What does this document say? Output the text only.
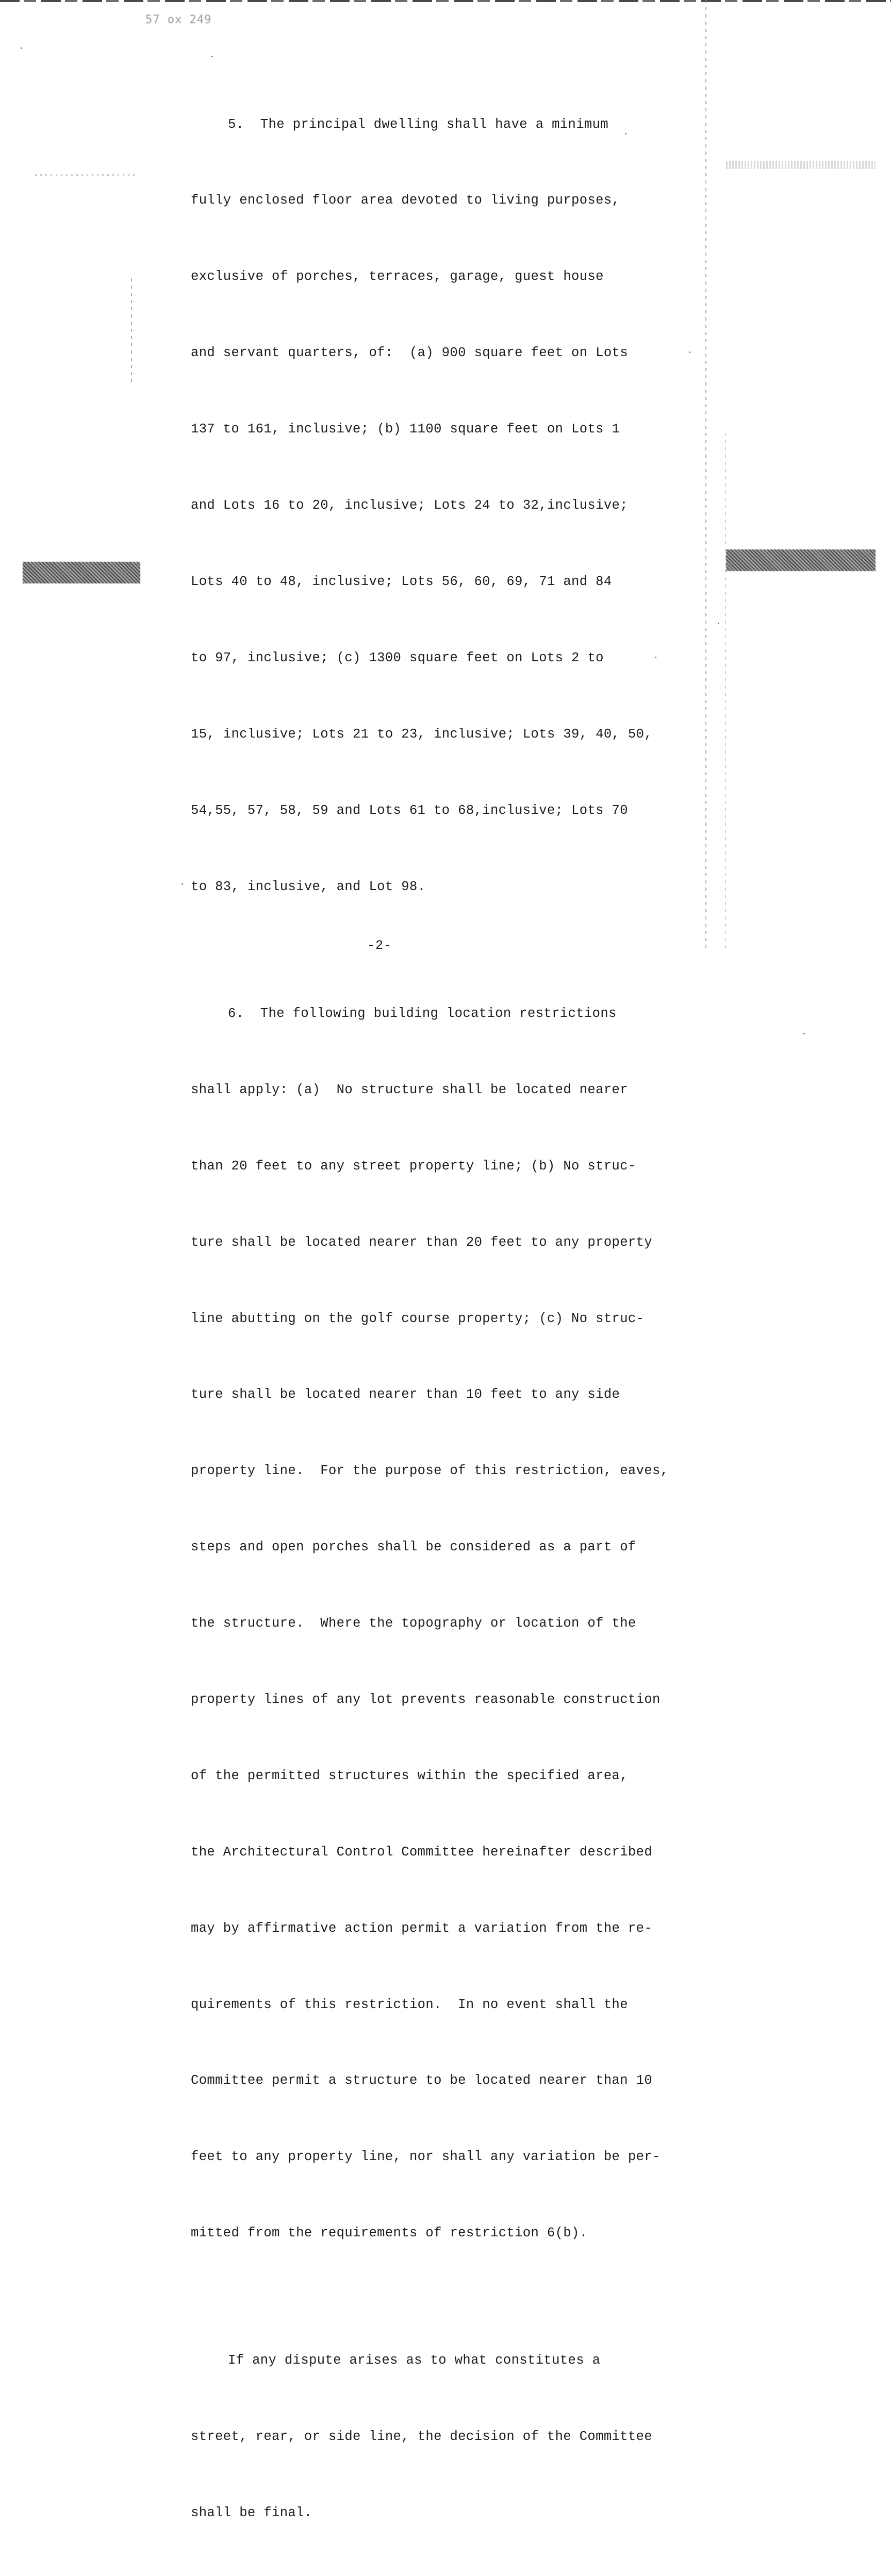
57 ox 249

5.  The principal dwelling shall have a minimum

fully enclosed floor area devoted to living purposes,

exclusive of porches, terraces, garage, guest house

and servant quarters, of:  (a) 900 square feet on Lots

137 to 161, inclusive; (b) 1100 square feet on Lots 1

and Lots 16 to 20, inclusive; Lots 24 to 32,inclusive;

Lots 40 to 48, inclusive; Lots 56, 60, 69, 71 and 84

to 97, inclusive; (c) 1300 square feet on Lots 2 to

15, inclusive; Lots 21 to 23, inclusive; Lots 39, 40, 50,

54,55, 57, 58, 59 and Lots 61 to 68,inclusive; Lots 70

to 83, inclusive, and Lot 98.

6.  The following building location restrictions

shall apply: (a)  No structure shall be located nearer

than 20 feet to any street property line; (b) No struc-

ture shall be located nearer than 20 feet to any property

line abutting on the golf course property; (c) No struc-

ture shall be located nearer than 10 feet to any side

property line.  For the purpose of this restriction, eaves,

steps and open porches shall be considered as a part of

the structure.  Where the topography or location of the

property lines of any lot prevents reasonable construction

of the permitted structures within the specified area,

the Architectural Control Committee hereinafter described

may by affirmative action permit a variation from the re-

quirements of this restriction.  In no event shall the

Committee permit a structure to be located nearer than 10

feet to any property line, nor shall any variation be per-

mitted from the requirements of restriction 6(b).

If any dispute arises as to what constitutes a

street, rear, or side line, the decision of the Committee

shall be final.

-2-
